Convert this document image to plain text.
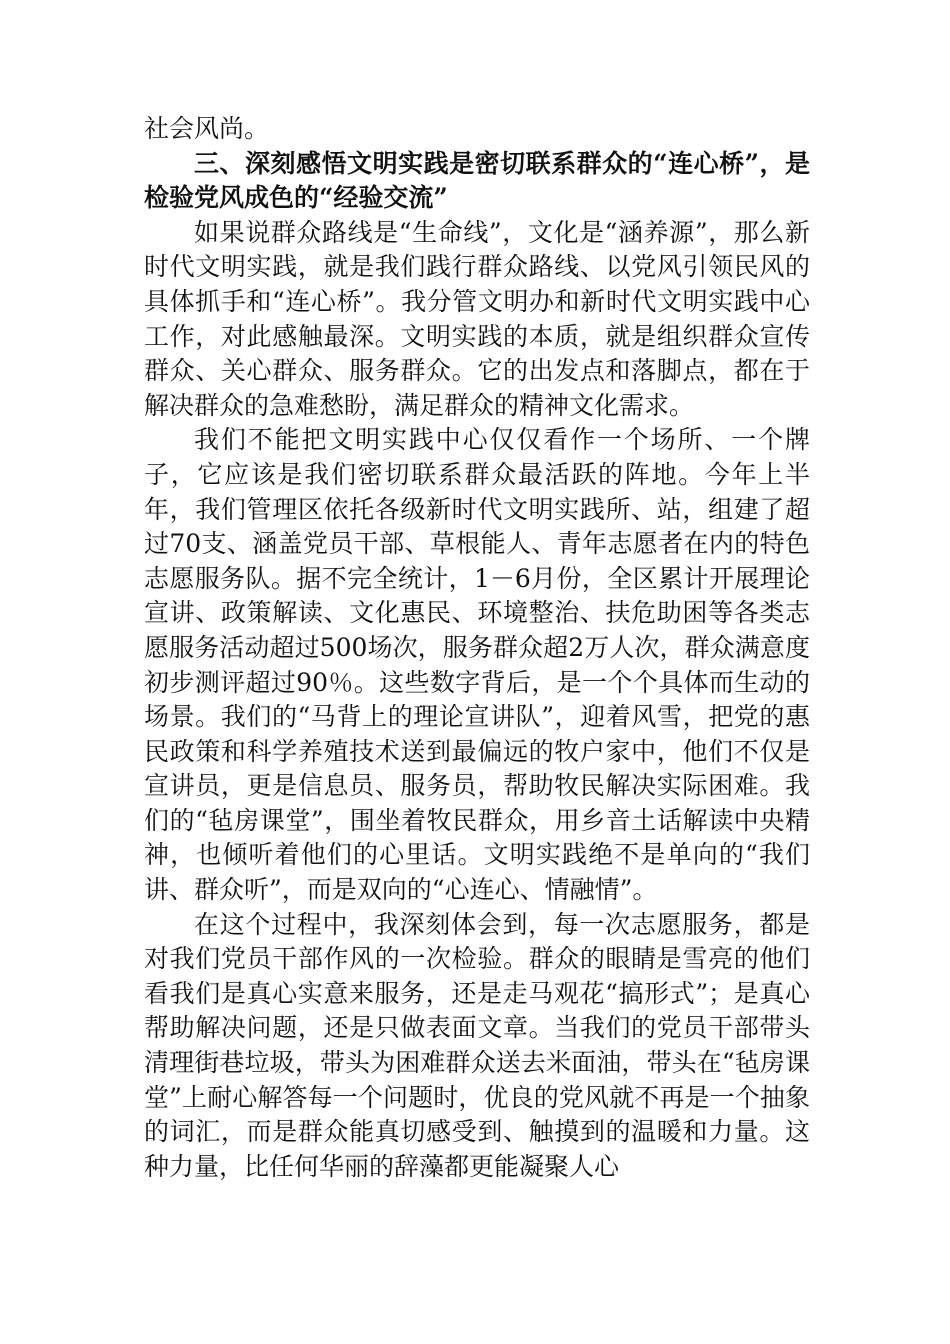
社会风尚。

三、深刻感悟文明实践是密切联系群众的“连心桥”，是检验党风成色的“经验交流”

如果说群众路线是“生命线”，文化是“涵养源”，那么新时代文明实践，就是我们践行群众路线、以党风引领民风的具体抓手和“连心桥”。我分管文明办和新时代文明实践中心工作，对此感触最深。文明实践的本质，就是组织群众宣传群众、关心群众、服务群众。它的出发点和落脚点，都在于解决群众的急难愁盼，满足群众的精神文化需求。

我们不能把文明实践中心仅仅看作一个场所、一个牌子，它应该是我们密切联系群众最活跃的阵地。今年上半年，我们管理区依托各级新时代文明实践所、站，组建了超过70支、涵盖党员干部、草根能人、青年志愿者在内的特色志愿服务队。据不完全统计，1－6月份，全区累计开展理论宣讲、政策解读、文化惠民、环境整治、扶危助困等各类志愿服务活动超过500场次，服务群众超2万人次，群众满意度初步测评超过90％。这些数字背后，是一个个具体而生动的场景。我们的“马背上的理论宣讲队”，迎着风雪，把党的惠民政策和科学养殖技术送到最偏远的牧户家中，他们不仅是宣讲员，更是信息员、服务员，帮助牧民解决实际困难。我们的“毡房课堂”，围坐着牧民群众，用乡音土话解读中央精神，也倾听着他们的心里话。文明实践绝不是单向的“我们讲、群众听”，而是双向的“心连心、情融情”。

在这个过程中，我深刻体会到，每一次志愿服务，都是对我们党员干部作风的一次检验。群众的眼睛是雪亮的他们看我们是真心实意来服务，还是走马观花“搞形式”；是真心帮助解决问题，还是只做表面文章。当我们的党员干部带头清理街巷垃圾，带头为困难群众送去米面油，带头在“毡房课堂”上耐心解答每一个问题时，优良的党风就不再是一个抽象的词汇，而是群众能真切感受到、触摸到的温暖和力量。这种力量，比任何华丽的辞藻都更能凝聚人心
